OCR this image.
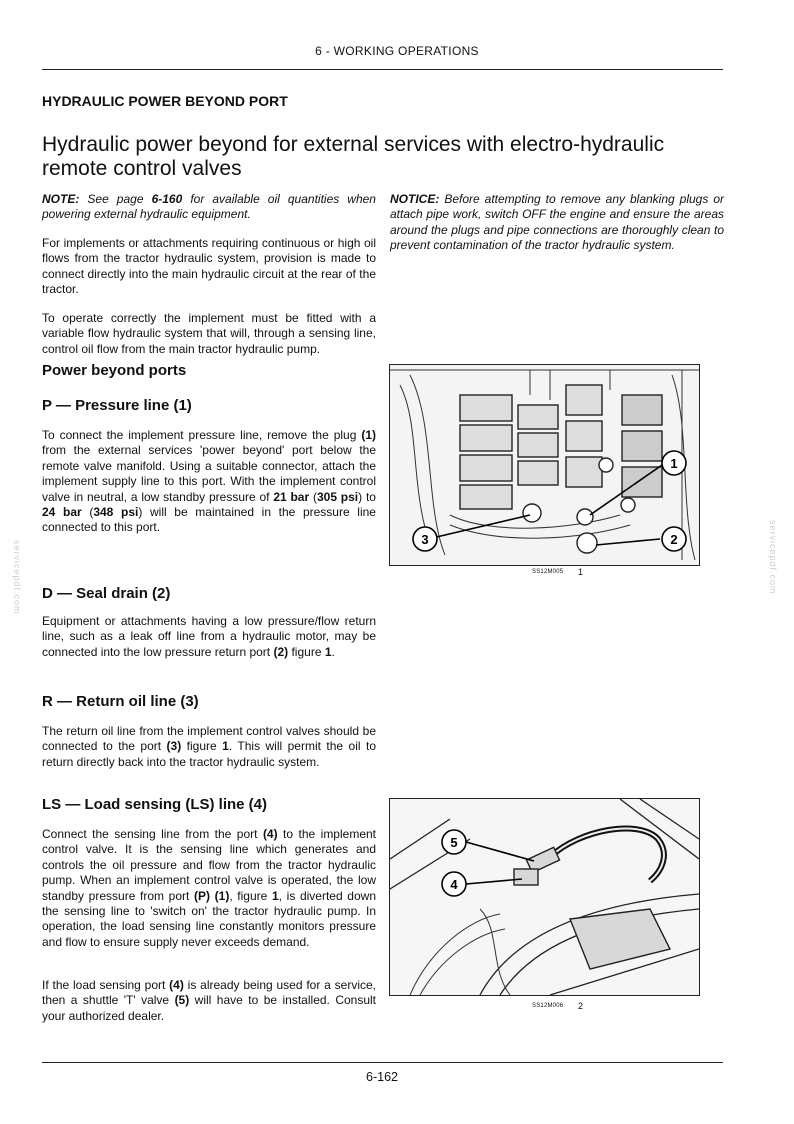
6 - WORKING OPERATIONS
HYDRAULIC POWER BEYOND PORT
Hydraulic power beyond for external services with electro-hydraulic
remote control valves
NOTE: See page 6-160 for available oil quantities when powering external hydraulic equipment.
For implements or attachments requiring continuous or high oil flows from the tractor hydraulic system, provision is made to connect directly into the main hydraulic circuit at the rear of the tractor.
To operate correctly the implement must be fitted with a variable flow hydraulic system that will, through a sensing line, control oil flow from the main tractor hydraulic pump.
Power beyond ports
P — Pressure line (1)
To connect the implement pressure line, remove the plug (1) from the external services 'power beyond' port below the remote valve manifold. Using a suitable connector, attach the implement supply line to this port. With the implement control valve in neutral, a low standby pressure of 21 bar (305 psi) to 24 bar (348 psi) will be maintained in the pressure line connected to this port.
D — Seal drain (2)
Equipment or attachments having a low pressure/flow return line, such as a leak off line from a hydraulic motor, may be connected into the low pressure return port (2) figure 1.
R — Return oil line (3)
The return oil line from the implement control valves should be connected to the port (3) figure 1. This will permit the oil to return directly back into the tractor hydraulic system.
LS — Load sensing (LS) line (4)
Connect the sensing line from the port (4) to the implement control valve. It is the sensing line which generates and controls the oil pressure and flow from the tractor hydraulic pump. When an implement control valve is operated, the low standby pressure from port (P) (1), figure 1, is diverted down the sensing line to 'switch on' the tractor hydraulic pump. In operation, the load sensing line constantly monitors pressure and flow to ensure supply never exceeds demand.
If the load sensing port (4) is already being used for a service, then a shuttle 'T' valve (5) will have to be installed. Consult your authorized dealer.
NOTICE: Before attempting to remove any blanking plugs or attach pipe work, switch OFF the engine and ensure the areas around the plugs and pipe connections are thoroughly clean to prevent contamination of the tractor hydraulic system.
3	2
1
SS12M005 1
5
4
SS12M006 2
servicepdf.com	servicepdf.com
6-162
